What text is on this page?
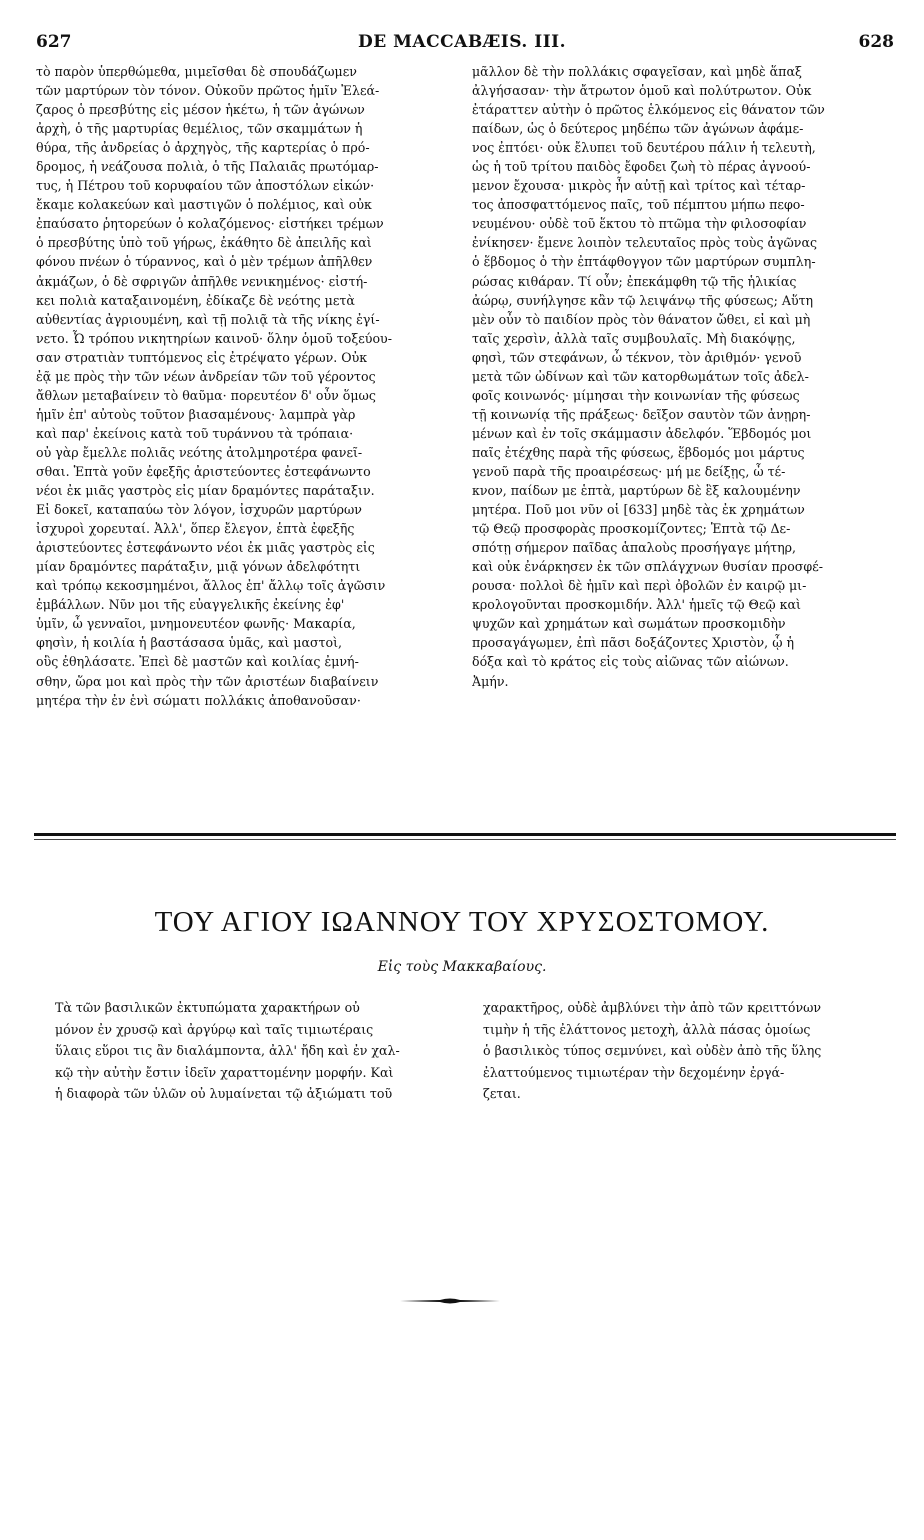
627	DE MACCABÆIS. III.	628
τὸ παρὸν ὑπερθώμεθα, μιμεῖσθαι δὲ σπουδάζωμεν
τῶν μαρτύρων τὸν τόνον. Οὐκοῦν πρῶτος ἡμῖν Ἐλεά-
ζαρος ὁ πρεσβύτης εἰς μέσον ἡκέτω, ἡ τῶν ἀγώνων
ἀρχὴ, ὁ τῆς μαρτυρίας θεμέλιος, τῶν σκαμμάτων ἡ
θύρα, τῆς ἀνδρείας ὁ ἀρχηγὸς, τῆς καρτερίας ὁ πρό-
δρομος, ἡ νεάζουσα πολιὰ, ὁ τῆς Παλαιᾶς πρωτόμαρ-
τυς, ἡ Πέτρου τοῦ κορυφαίου τῶν ἀποστόλων εἰκών·
ἔκαμε κολακεύων καὶ μαστιγῶν ὁ πολέμιος, καὶ οὐκ
ἐπαύσατο ῥητορεύων ὁ κολαζόμενος· εἰστήκει τρέμων
ὁ πρεσβύτης ὑπὸ τοῦ γήρως, ἐκάθητο δὲ ἀπειλῆς καὶ
φόνου πνέων ὁ τύραννος, καὶ ὁ μὲν τρέμων ἀπῆλθεν
ἀκμάζων, ὁ δὲ σφριγῶν ἀπῆλθε νενικημένος· εἰστή-
κει πολιὰ καταξαινομένη, ἐδίκαζε δὲ νεότης μετὰ
αὐθεντίας ἀγριουμένη, καὶ τῇ πολιᾷ τὰ τῆς νίκης ἐγί-
νετο. Ὦ τρόπου νικητηρίων καινοῦ· ὅλην ὁμοῦ τοξεύου-
σαν στρατιὰν τυπτόμενος εἰς ἐτρέψατο γέρων. Οὐκ
ἐᾷ με πρὸς τὴν τῶν νέων ἀνδρείαν τῶν τοῦ γέροντος
ἄθλων μεταβαίνειν τὸ θαῦμα· πορευτέον δ' οὖν ὅμως
ἡμῖν ἐπ' αὐτοὺς τοῦτον βιασαμένους· λαμπρὰ γὰρ
καὶ παρ' ἐκείνοις κατὰ τοῦ τυράννου τὰ τρόπαια·
οὐ γὰρ ἔμελλε πολιᾶς νεότης ἀτολμηροτέρα φανεῖ-
σθαι. Ἑπτὰ γοῦν ἐφεξῆς ἀριστεύοντες ἐστεφάνωντο
νέοι ἐκ μιᾶς γαστρὸς εἰς μίαν δραμόντες παράταξιν.
Εἰ δοκεῖ, καταπαύω τὸν λόγον, ἰσχυρῶν μαρτύρων
ἰσχυροὶ χορευταί. Ἀλλ', ὅπερ ἔλεγον, ἑπτὰ ἐφεξῆς
ἀριστεύοντες ἐστεφάνωντο νέοι ἐκ μιᾶς γαστρὸς εἰς
μίαν δραμόντες παράταξιν, μιᾷ γόνων ἀδελφότητι
καὶ τρόπῳ κεκοσμημένοι, ἄλλος ἐπ' ἄλλῳ τοῖς ἀγῶσιν
ἐμβάλλων. Νῦν μοι τῆς εὐαγγελικῆς ἐκείνης ἐφ'
ὑμῖν, ὦ γενναῖοι, μνημονευτέον φωνῆς· Μακαρία,
φησὶν, ἡ κοιλία ἡ βαστάσασα ὑμᾶς, καὶ μαστοὶ,
οὓς ἐθηλάσατε. Ἐπεὶ δὲ μαστῶν καὶ κοιλίας ἐμνή-
σθην, ὥρα μοι καὶ πρὸς τὴν τῶν ἀριστέων διαβαίνειν
μητέρα τὴν ἐν ἑνὶ σώματι πολλάκις ἀποθανοῦσαν·
μᾶλλον δὲ τὴν πολλάκις σφαγεῖσαν, καὶ μηδὲ ἅπαξ
ἀλγήσασαν· τὴν ἄτρωτον ὁμοῦ καὶ πολύτρωτον. Οὐκ
ἐτάραττεν αὐτὴν ὁ πρῶτος ἑλκόμενος εἰς θάνατον τῶν
παίδων, ὡς ὁ δεύτερος μηδέπω τῶν ἀγώνων ἀφάμε-
νος ἐπτόει· οὐκ ἔλυπει τοῦ δευτέρου πάλιν ἡ τελευτὴ,
ὡς ἡ τοῦ τρίτου παιδὸς ἔφοδει ζωὴ τὸ πέρας ἀγνοού-
μενον ἔχουσα· μικρὸς ἦν αὐτῇ καὶ τρίτος καὶ τέταρ-
τος ἀποσφαττόμενος παῖς, τοῦ πέμπτου μήπω πεφο-
νευμένου· οὐδὲ τοῦ ἕκτου τὸ πτῶμα τὴν φιλοσοφίαν
ἐνίκησεν· ἔμενε λοιπὸν τελευταῖος πρὸς τοὺς ἀγῶνας
ὁ ἕβδομος ὁ τὴν ἐπτάφθογγον τῶν μαρτύρων συμπλη-
ρώσας κιθάραν. Τί οὖν; ἐπεκάμφθη τῷ τῆς ἡλικίας
ἀώρῳ, συνήλγησε κἂν τῷ λειψάνῳ τῆς φύσεως; Αὕτη
μὲν οὖν τὸ παιδίον πρὸς τὸν θάνατον ὤθει, εἰ καὶ μὴ
ταῖς χερσὶν, ἀλλὰ ταῖς συμβουλαῖς. Μὴ διακόψῃς,
φησὶ, τῶν στεφάνων, ὦ τέκνον, τὸν ἀριθμόν· γενοῦ
μετὰ τῶν ὠδίνων καὶ τῶν κατορθωμάτων τοῖς ἀδελ-
φοῖς κοινωνός· μίμησαι τὴν κοινωνίαν τῆς φύσεως
τῇ κοινωνίᾳ τῆς πράξεως· δεῖξον σαυτὸν τῶν ἀνῃρη-
μένων καὶ ἐν τοῖς σκάμμασιν ἀδελφόν. Ἕβδομός μοι
παῖς ἐτέχθης παρὰ τῆς φύσεως, ἕβδομός μοι μάρτυς
γενοῦ παρὰ τῆς προαιρέσεως· μή με δείξῃς, ὦ τέ-
κνον, παίδων με ἑπτὰ, μαρτύρων δὲ ἓξ καλουμένην
μητέρα. Ποῦ μοι νῦν οἱ [633] μηδὲ τὰς ἐκ χρημάτων
τῷ Θεῷ προσφορὰς προσκομίζοντες; Ἑπτὰ τῷ Δε-
σπότῃ σήμερον παῖδας ἁπαλοὺς προσήγαγε μήτηρ,
καὶ οὐκ ἐνάρκησεν ἐκ τῶν σπλάγχνων θυσίαν προσφέ-
ρουσα· πολλοὶ δὲ ἡμῖν καὶ περὶ ὀβολῶν ἐν καιρῷ μι-
κρολογοῦνται προσκομιδήν. Ἀλλ' ἡμεῖς τῷ Θεῷ καὶ
ψυχῶν καὶ χρημάτων καὶ σωμάτων προσκομιδὴν
προσαγάγωμεν, ἐπὶ πᾶσι δοξάζοντες Χριστὸν, ᾧ ἡ
δόξα καὶ τὸ κράτος εἰς τοὺς αἰῶνας τῶν αἰώνων.
Ἀμήν.
ΤΟΥ ΑΓΙΟΥ ΙΩΑΝΝΟΥ ΤΟΥ ΧΡΥΣΟΣΤΟΜΟΥ.
Εἰς τοὺς Μακκαβαίους.
Τὰ τῶν βασιλικῶν ἐκτυπώματα χαρακτήρων οὐ
μόνον ἐν χρυσῷ καὶ ἀργύρῳ καὶ ταῖς τιμιωτέραις
ὕλαις εὕροι τις ἂν διαλάμποντα, ἀλλ' ἤδη καὶ ἐν χαλ-
κῷ τὴν αὐτὴν ἔστιν ἰδεῖν χαραττομένην μορφήν. Καὶ
ἡ διαφορὰ τῶν ὑλῶν οὐ λυμαίνεται τῷ ἀξιώματι τοῦ
χαρακτῆρος, οὐδὲ ἀμβλύνει τὴν ἀπὸ τῶν κρειττόνων
τιμὴν ἡ τῆς ἐλάττονος μετοχὴ, ἀλλὰ πάσας ὁμοίως
ὁ βασιλικὸς τύπος σεμνύνει, καὶ οὐδὲν ἀπὸ τῆς ὕλης
ἐλαττούμενος τιμιωτέραν τὴν δεχομένην ἐργά-
ζεται.
